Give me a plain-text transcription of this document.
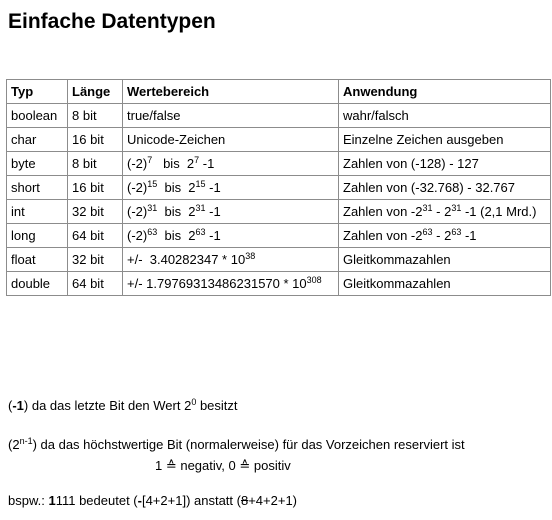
Einfache Datentypen
Typ	Länge	Wertebereich	Anwendung
boolean	8 bit	true/false	wahr/falsch
char	16 bit	Unicode-Zeichen	Einzelne Zeichen ausgeben
byte	8 bit	$(-2)^7$   bis  $2^7$ -1	Zahlen von (-128) - 127
short	16 bit	$(-2)^{15}$  bis  $2^{15}$ -1	Zahlen von (-32.768) - 32.767
int	32 bit	$(-2)^{31}$  bis  $2^{31}$ -1	Zahlen von $-2^{31} - 2^{31}$ -1 (2,1 Mrd.)
long	64 bit	$(-2)^{63}$  bis  $2^{63}$ -1	Zahlen von $-2^{63} - 2^{63}$ -1
float	32 bit	+/-  $3.40282347 * 10^{38}$	Gleitkommazahlen
double	64 bit	+/- $1.79769313486231570 * 10^{308}$	Gleitkommazahlen
(-1) da das letzte Bit den Wert $2^0$ besitzt
(2$^{n-1}$) da das höchstwertige Bit (normalerweise) für das Vorzeichen reserviert ist
1 ≙ negativ, 0 ≙ positiv
bspw.: 1111 bedeutet (-[4+2+1]) anstatt (8+4+2+1)
